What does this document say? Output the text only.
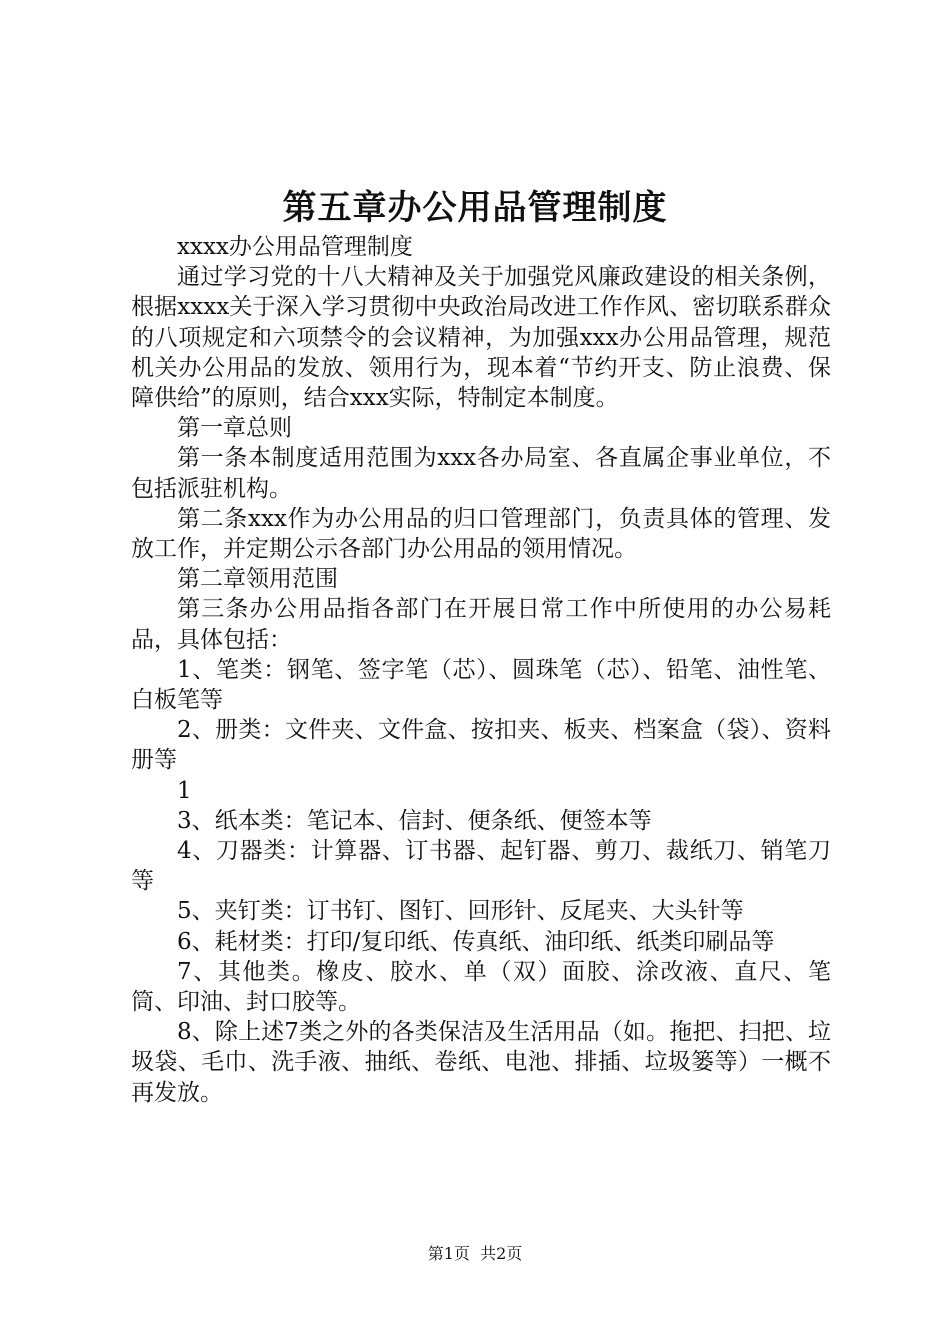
第五章办公用品管理制度

xxxx办公用品管理制度

通过学习党的十八大精神及关于加强党风廉政建设的相关条例，根据xxxx关于深入学习贯彻中央政治局改进工作作风、密切联系群众的八项规定和六项禁令的会议精神，为加强xxx办公用品管理，规范机关办公用品的发放、领用行为，现本着“节约开支、防止浪费、保障供给”的原则，结合xxx实际，特制定本制度。

第一章总则

第一条本制度适用范围为xxx各办局室、各直属企事业单位，不包括派驻机构。

第二条xxx作为办公用品的归口管理部门，负责具体的管理、发放工作，并定期公示各部门办公用品的领用情况。

第二章领用范围

第三条办公用品指各部门在开展日常工作中所使用的办公易耗品，具体包括：

1、笔类：钢笔、签字笔（芯）、圆珠笔（芯）、铅笔、油性笔、白板笔等

2、册类：文件夹、文件盒、按扣夹、板夹、档案盒（袋）、资料册等

1

3、纸本类：笔记本、信封、便条纸、便签本等

4、刀器类：计算器、订书器、起钉器、剪刀、裁纸刀、销笔刀等

5、夹钉类：订书钉、图钉、回形针、反尾夹、大头针等

6、耗材类：打印/复印纸、传真纸、油印纸、纸类印刷品等

7、其他类。橡皮、胶水、单（双）面胶、涂改液、直尺、笔筒、印油、封口胶等。

8、除上述7类之外的各类保洁及生活用品（如。拖把、扫把、垃圾袋、毛巾、洗手液、抽纸、卷纸、电池、排插、垃圾篓等）一概不再发放。

第1页 共2页
